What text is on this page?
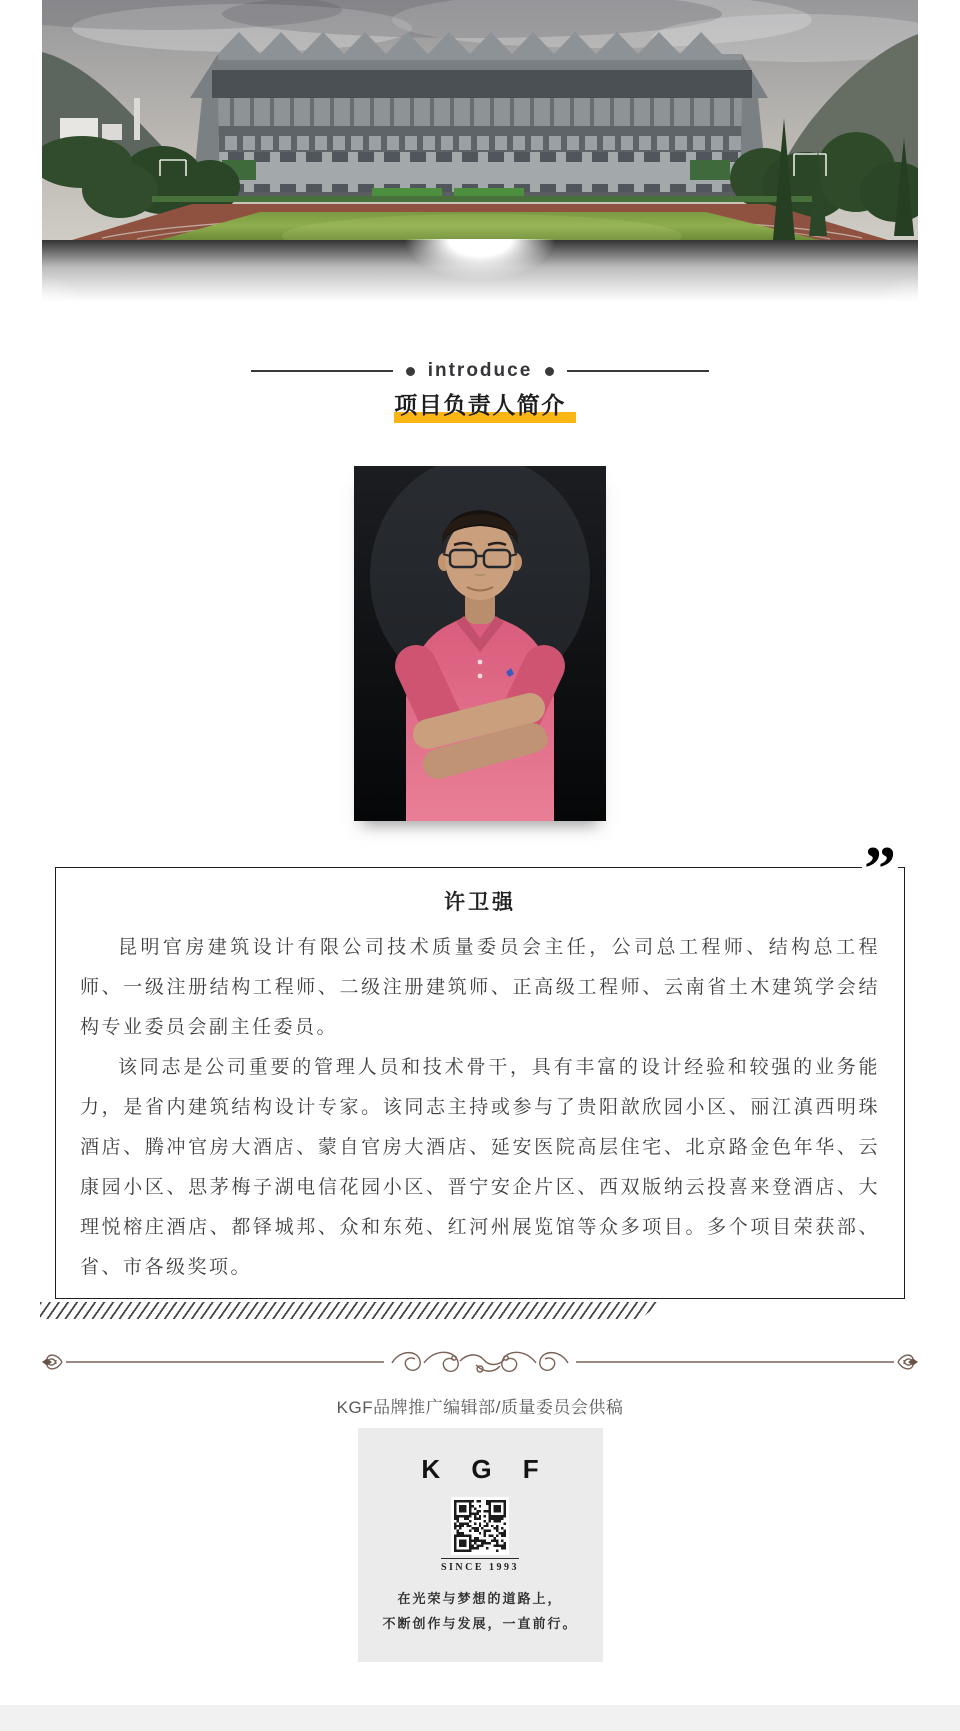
introduce
项目负责人简介
”
许卫强

昆明官房建筑设计有限公司技术质量委员会主任，公司总工程师、结构总工程师、一级注册结构工程师、二级注册建筑师、正高级工程师、云南省土木建筑学会结构专业委员会副主任委员。

该同志是公司重要的管理人员和技术骨干，具有丰富的设计经验和较强的业务能力，是省内建筑结构设计专家。该同志主持或参与了贵阳歆欣园小区、丽江滇西明珠酒店、腾冲官房大酒店、蒙自官房大酒店、延安医院高层住宅、北京路金色年华、云康园小区、思茅梅子湖电信花园小区、晋宁安企片区、西双版纳云投喜来登酒店、大理悦榕庄酒店、都铎城邦、众和东苑、红河州展览馆等众多项目。多个项目荣获部、省、市各级奖项。

KGF品牌推广编辑部/质量委员会供稿
K G F
SINCE 1993
在光荣与梦想的道路上，
不断创作与发展，一直前行。
